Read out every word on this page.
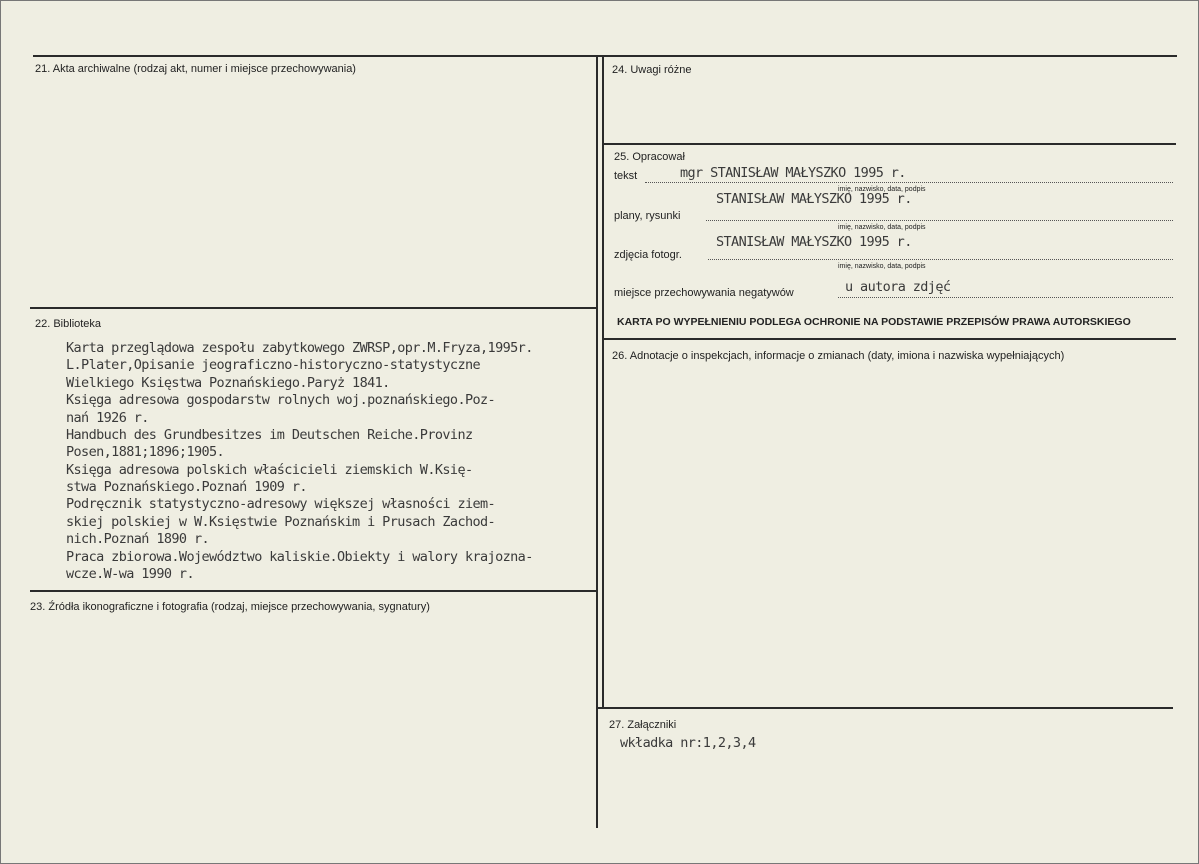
21. Akta archiwalne (rodzaj akt, numer i miejsce przechowywania)
22. Biblioteka
Karta przeglądowa zespołu zabytkowego ZWRSP,opr.M.Fryza,1995r.
L.Plater,Opisanie jeograficzno-historyczno-statystyczne
Wielkiego Księstwa Poznańskiego.Paryż 1841.
Księga adresowa gospodarstw rolnych woj.poznańskiego.Poz-
nań 1926 r.
Handbuch des Grundbesitzes im Deutschen Reiche.Provinz
Posen,1881;1896;1905.
Księga adresowa polskich właścicieli ziemskich W.Księ-
stwa Poznańskiego.Poznań 1909 r.
Podręcznik statystyczno-adresowy większej własności ziem-
skiej polskiej w W.Księstwie Poznańskim i Prusach Zachod-
nich.Poznań 1890 r.
Praca zbiorowa.Województwo kaliskie.Obiekty i walory krajozna-
wcze.W-wa 1990 r.
23. Źródła ikonograficzne i fotografia (rodzaj, miejsce przechowywania, sygnatury)
24. Uwagi różne
25. Opracował
tekst	mgr STANISŁAW MAŁYSZKO 1995 r.
imię, nazwisko, data, podpis
STANISŁAW MAŁYSZKO 1995 r.
plany, rysunki
imię, nazwisko, data, podpis
STANISŁAW MAŁYSZKO 1995 r.
zdjęcia fotogr.
imię, nazwisko, data, podpis
miejsce przechowywania negatywów	u autora zdjęć
KARTA PO WYPEŁNIENIU PODLEGA OCHRONIE NA PODSTAWIE PRZEPISÓW PRAWA AUTORSKIEGO
26. Adnotacje o inspekcjach, informacje o zmianach (daty, imiona i nazwiska wypełniających)
27. Załączniki
wkładka nr:1,2,3,4
